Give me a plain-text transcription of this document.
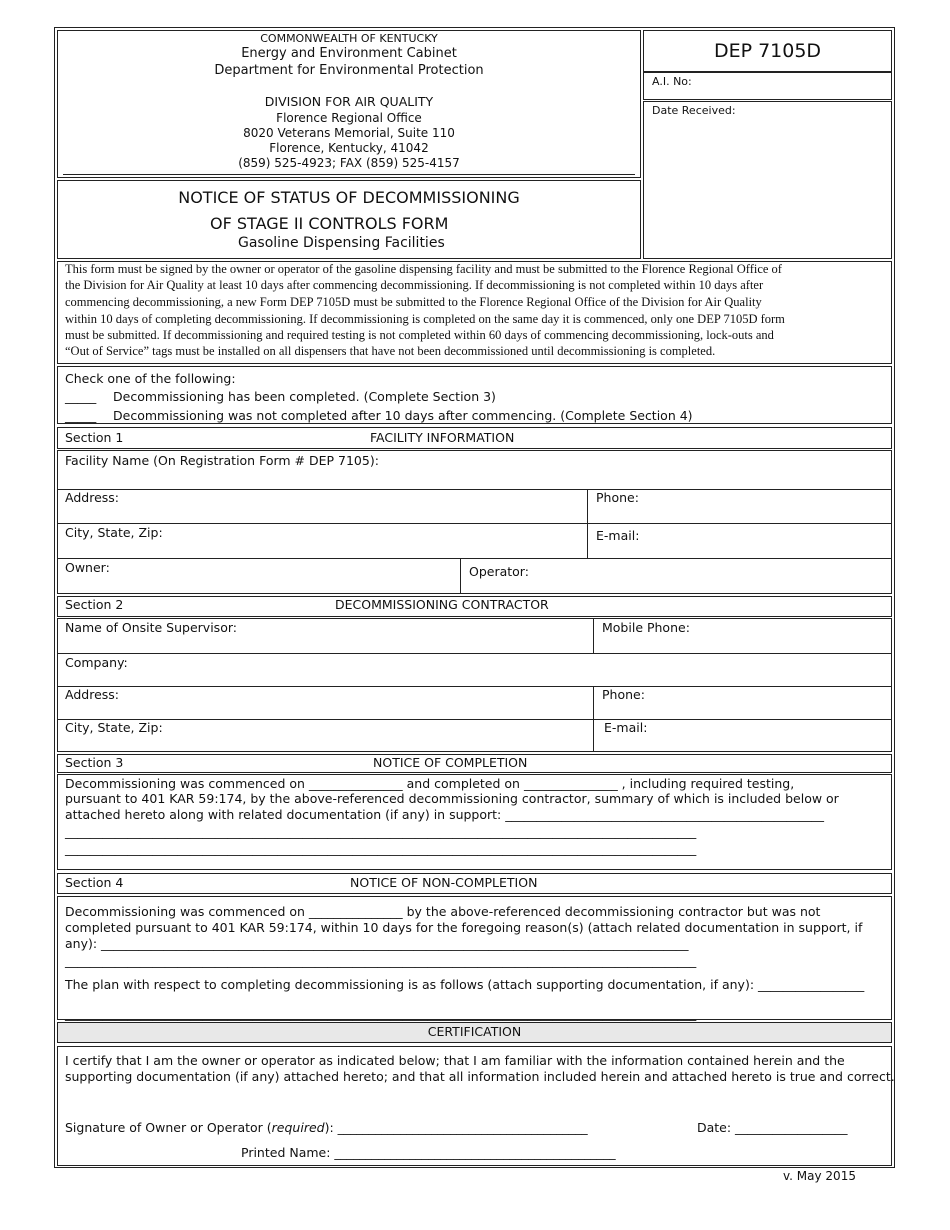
COMMONWEALTH OF KENTUCKY
Energy and Environment Cabinet
Department for Environmental Protection
DIVISION FOR AIR QUALITY
Florence Regional Office
8020 Veterans Memorial, Suite 110
Florence, Kentucky, 41042
(859) 525-4923; FAX (859) 525-4157
DEP 7105D
A.I. No:
Date Received:
NOTICE OF STATUS OF DECOMMISSIONING
OF STAGE II CONTROLS FORM
Gasoline Dispensing Facilities
This form must be signed by the owner or operator of the gasoline dispensing facility and must be submitted to the Florence Regional Office of
the Division for Air Quality at least 10 days after commencing decommissioning. If decommissioning is not completed within 10 days after
commencing decommissioning, a new Form DEP 7105D must be submitted to the Florence Regional Office of the Division for Air Quality
within 10 days of completing decommissioning. If decommissioning is completed on the same day it is commenced, only one DEP 7105D form
must be submitted. If decommissioning and required testing is not completed within 60 days of commencing decommissioning, lock-outs and
“Out of Service” tags must be installed on all dispensers that have not been decommissioned until decommissioning is completed.
Check one of the following:
_____ Decommissioning has been completed. (Complete Section 3)
_____ Decommissioning was not completed after 10 days after commencing. (Complete Section 4)
Section 1	FACILITY INFORMATION
Facility Name (On Registration Form # DEP 7105):
Address:	Phone:
City, State, Zip:	E-mail:
Owner:	Operator:
Section 2	DECOMMISSIONING CONTRACTOR
Name of Onsite Supervisor:	Mobile Phone:
Company:
Address:	Phone:
City, State, Zip:	E-mail:
Section 3	NOTICE OF COMPLETION
Decommissioning was commenced on _______________ and completed on _______________ , including required testing,
pursuant to 401 KAR 59:174, by the above-referenced decommissioning contractor, summary of which is included below or
attached hereto along with related documentation (if any) in support: ___________________________________________________
_____________________________________________________________________________________________________
_____________________________________________________________________________________________________
Section 4	NOTICE OF NON-COMPLETION
Decommissioning was commenced on _______________ by the above-referenced decommissioning contractor but was not
completed pursuant to 401 KAR 59:174, within 10 days for the foregoing reason(s) (attach related documentation in support, if
any): ______________________________________________________________________________________________
_____________________________________________________________________________________________________
The plan with respect to completing decommissioning is as follows (attach supporting documentation, if any): _________________
_____________________________________________________________________________________________________
CERTIFICATION
I certify that I am the owner or operator as indicated below; that I am familiar with the information contained herein and the
supporting documentation (if any) attached hereto; and that all information included herein and attached hereto is true and correct.
Signature of Owner or Operator (required): ________________________________________	Date: __________________
Printed Name: _____________________________________________
v. May 2015
